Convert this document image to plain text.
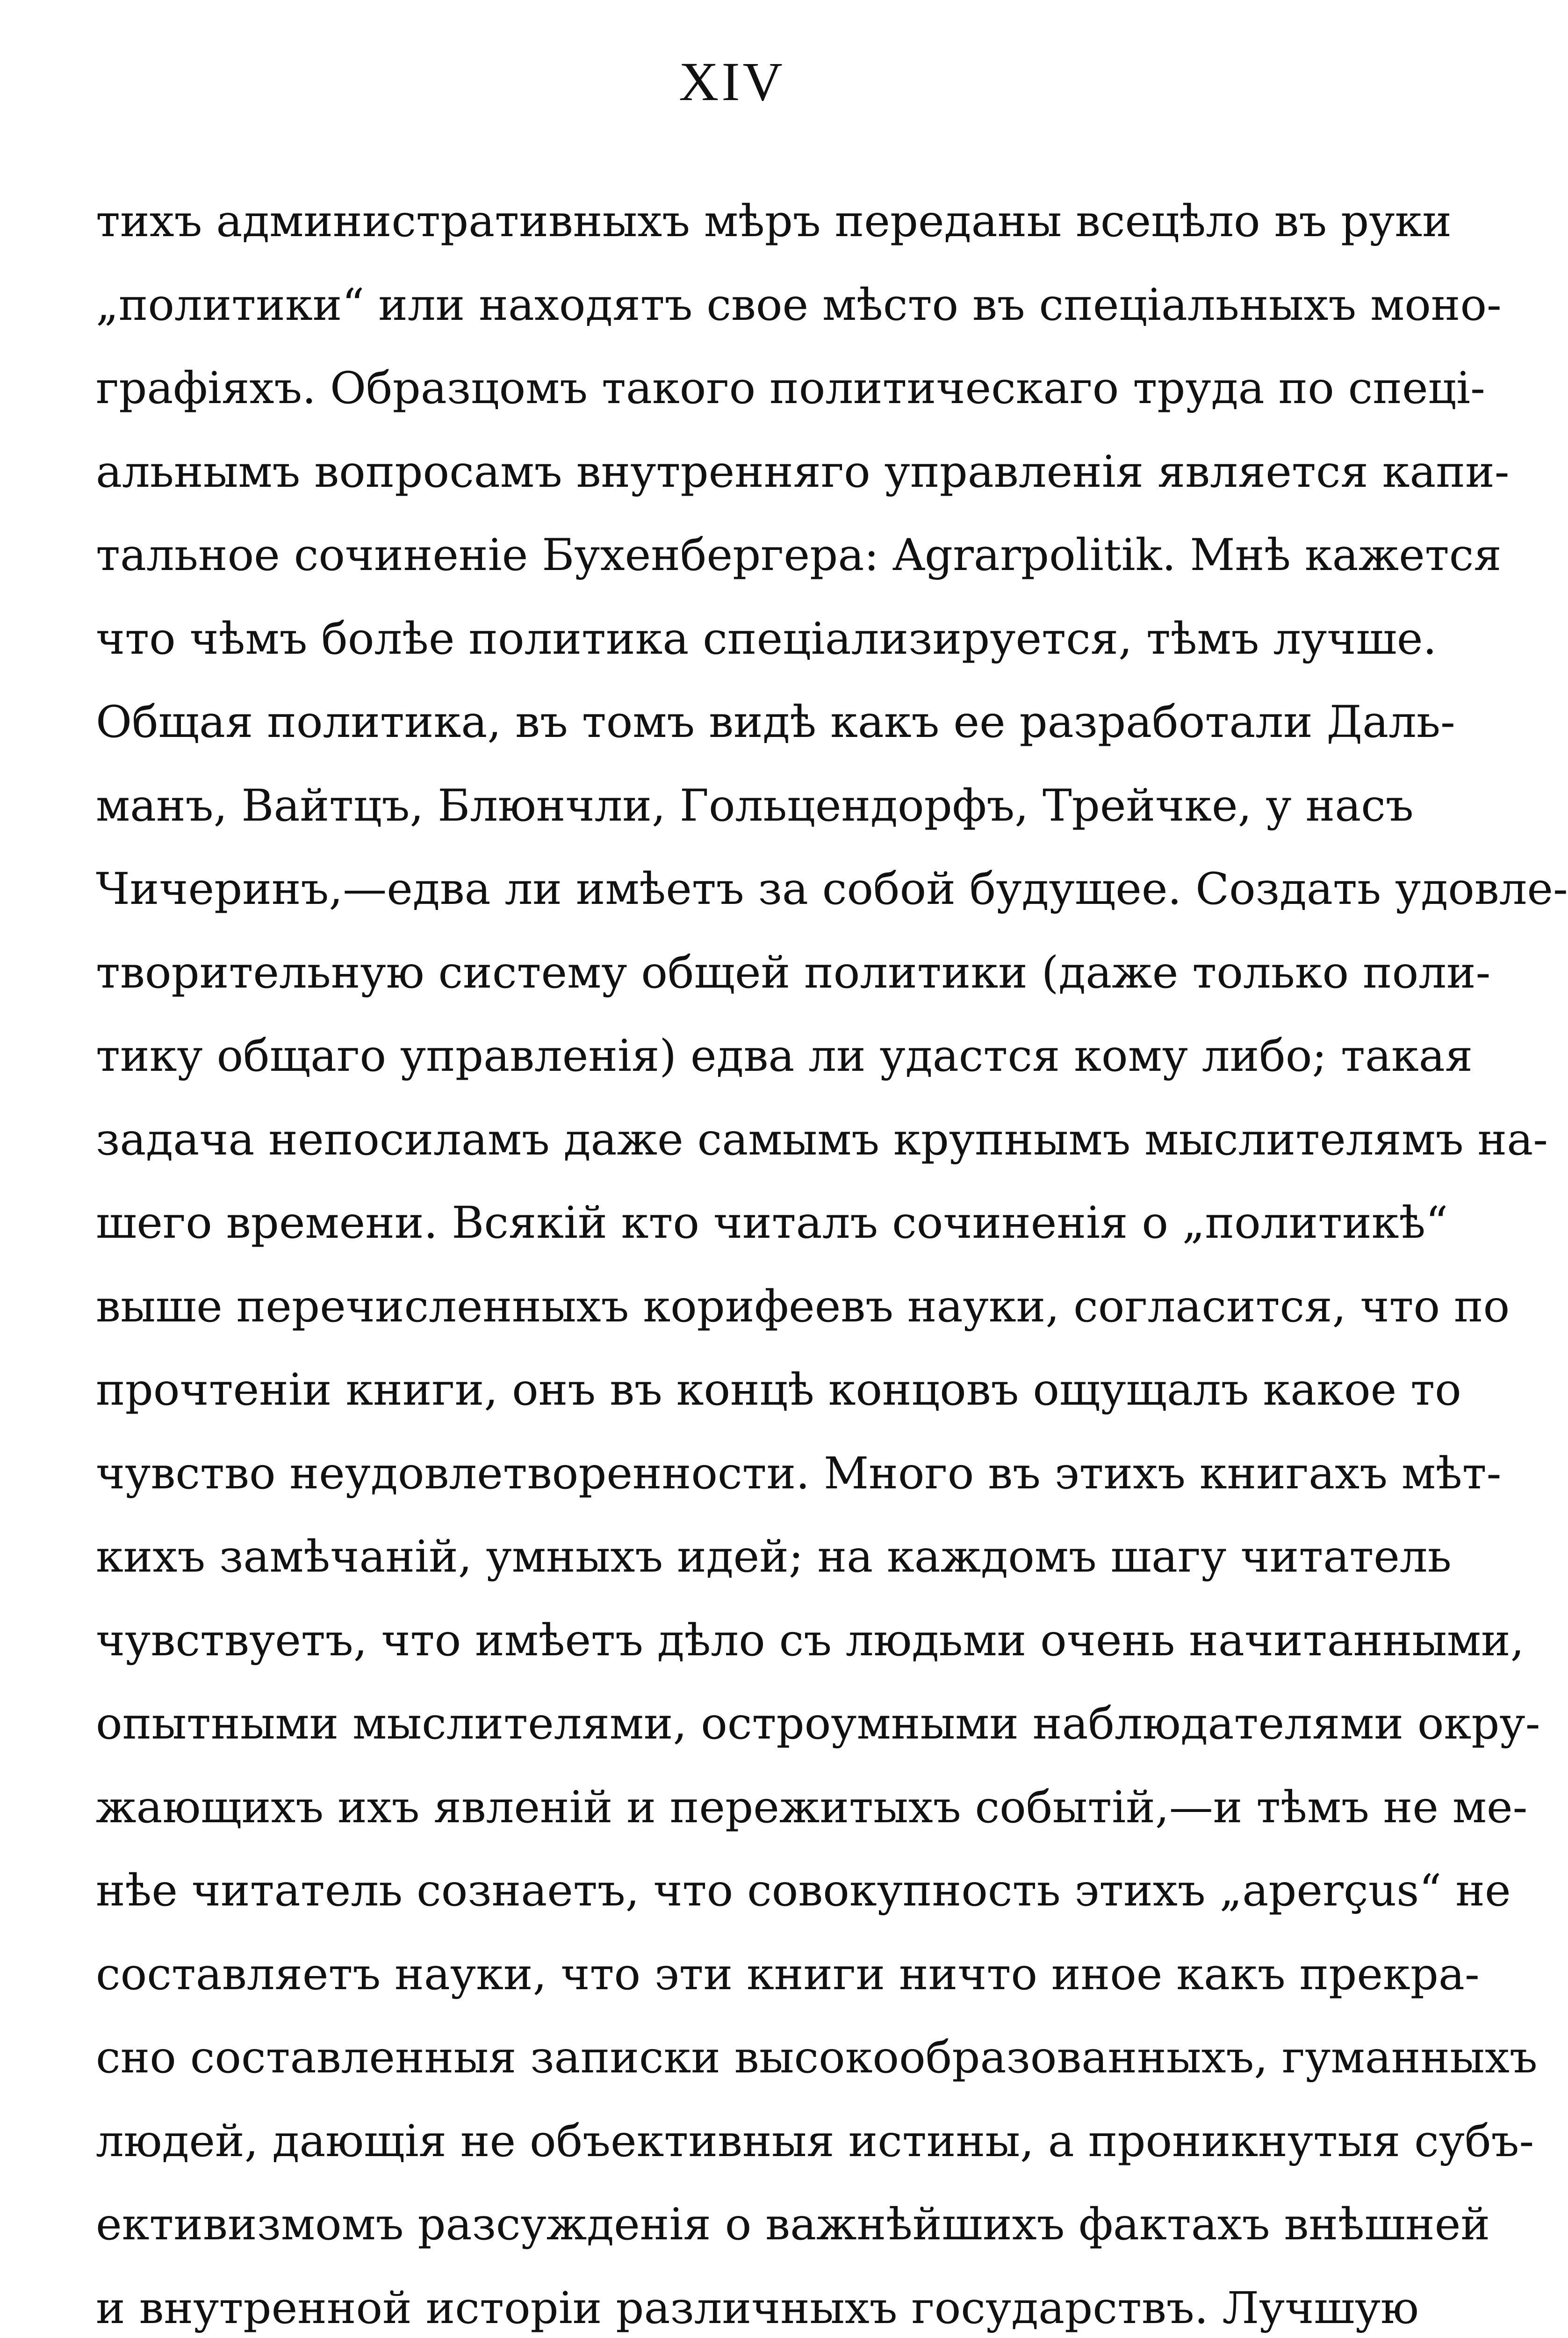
XIV
тихъ административныхъ мѣръ переданы всецѣло въ руки
„политики“ или находятъ свое мѣсто въ спеціальныхъ моно-
графіяхъ. Образцомъ такого политическаго труда по спеці-
альнымъ вопросамъ внутренняго управленія является капи-
тальное сочиненіе Бухенбергера: Agrarpolitik. Мнѣ кажется
что чѣмъ болѣе политика спеціализируется, тѣмъ лучше.
Общая политика, въ томъ видѣ какъ ее разработали Даль-
манъ, Вайтцъ, Блюнчли, Гольцендорфъ, Трейчке, у насъ
Чичеринъ,—едва ли имѣетъ за собой будущее. Создать удовле-
творительную систему общей политики (даже только поли-
тику общаго управленія) едва ли удастся кому либо; такая
задача непосиламъ даже самымъ крупнымъ мыслителямъ на-
шего времени. Всякій кто читалъ сочиненія о „политикѣ“
выше перечисленныхъ корифеевъ науки, согласится, что по
прочтеніи книги, онъ въ концѣ концовъ ощущалъ какое то
чувство неудовлетворенности. Много въ этихъ книгахъ мѣт-
кихъ замѣчаній, умныхъ идей; на каждомъ шагу читатель
чувствуетъ, что имѣетъ дѣло съ людьми очень начитанными,
опытными мыслителями, остроумными наблюдателями окру-
жающихъ ихъ явленій и пережитыхъ событій,—и тѣмъ не ме-
нѣе читатель сознаетъ, что совокупность этихъ „aperçus“ не
составляетъ науки, что эти книги ничто иное какъ прекра-
сно составленныя записки высокообразованныхъ, гуманныхъ
людей, дающія не объективныя истины, а проникнутыя субъ-
ективизмомъ разсужденія о важнѣйшихъ фактахъ внѣшней
и внутренной исторіи различныхъ государствъ. Лучшую
